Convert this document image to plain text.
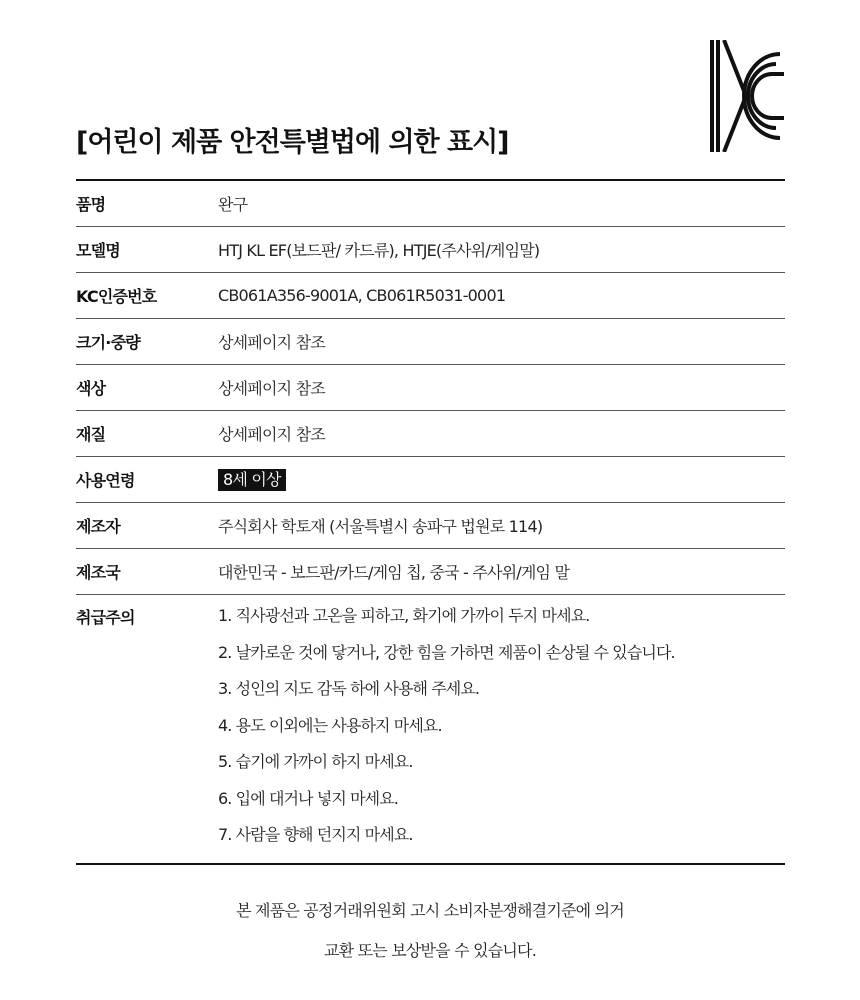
[어린이 제품 안전특별법에 의한 표시]
품명	완구
모델명	HTJ KL EF(보드판/ 카드류), HTJE(주사위/게임말)
KC인증번호	CB061A356-9001A, CB061R5031-0001
크기·중량	상세페이지 참조
색상	상세페이지 참조
재질	상세페이지 참조
사용연령	8세 이상
제조자	주식회사 학토재 (서울특별시 송파구 법원로 114)
제조국	대한민국 - 보드판/카드/게임 칩, 중국 - 주사위/게임 말
취급주의	1. 직사광선과 고온을 피하고, 화기에 가까이 두지 마세요.
2. 날카로운 것에 닿거나, 강한 힘을 가하면 제품이 손상될 수 있습니다.
3. 성인의 지도 감독 하에 사용해 주세요.
4. 용도 이외에는 사용하지 마세요.
5. 습기에 가까이 하지 마세요.
6. 입에 대거나 넣지 마세요.
7. 사람을 향해 던지지 마세요.

본 제품은 공정거래위원회 고시 소비자분쟁해결기준에 의거

교환 또는 보상받을 수 있습니다.
